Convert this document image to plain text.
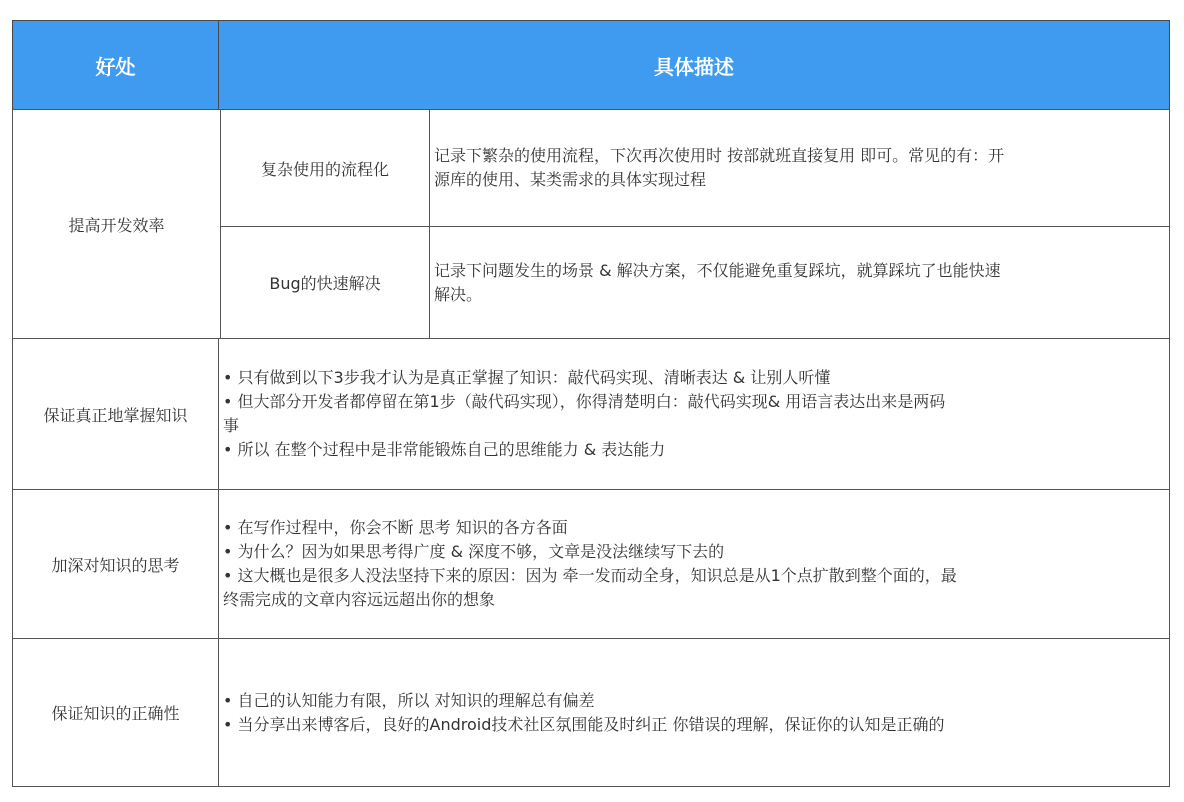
好处	具体描述
提高开发效率
复杂使用的流程化
记录下繁杂的使用流程，下次再次使用时 按部就班直接复用 即可。常见的有：开
源库的使用、某类需求的具体实现过程
Bug的快速解决
记录下问题发生的场景 & 解决方案，不仅能避免重复踩坑，就算踩坑了也能快速
解决。
保证真正地掌握知识
• 只有做到以下3步我才认为是真正掌握了知识：敲代码实现、清晰表达 & 让别人听懂
• 但大部分开发者都停留在第1步（敲代码实现），你得清楚明白：敲代码实现& 用语言表达出来是两码
事
• 所以 在整个过程中是非常能锻炼自己的思维能力 & 表达能力
加深对知识的思考
• 在写作过程中，你会不断 思考 知识的各方各面
• 为什么？因为如果思考得广度 & 深度不够，文章是没法继续写下去的
• 这大概也是很多人没法坚持下来的原因：因为 牵一发而动全身，知识总是从1个点扩散到整个面的，最
终需完成的文章内容远远超出你的想象
保证知识的正确性
• 自己的认知能力有限，所以 对知识的理解总有偏差
• 当分享出来博客后，良好的Android技术社区氛围能及时纠正 你错误的理解，保证你的认知是正确的
